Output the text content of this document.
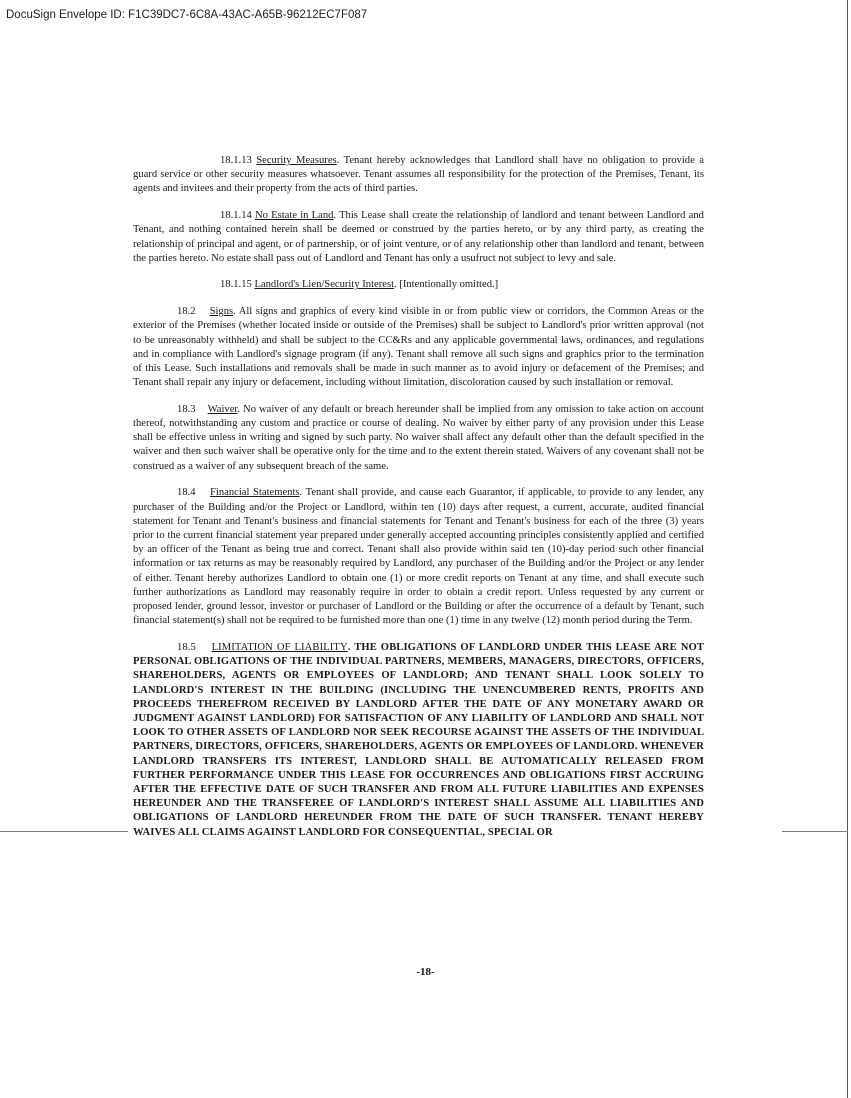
DocuSign Envelope ID: F1C39DC7-6C8A-43AC-A65B-96212EC7F087

18.1.13 Security Measures. Tenant hereby acknowledges that Landlord shall have no obligation to provide a guard service or other security measures whatsoever. Tenant assumes all responsibility for the protection of the Premises, Tenant, its agents and invitees and their property from the acts of third parties.

18.1.14 No Estate in Land. This Lease shall create the relationship of landlord and tenant between Landlord and Tenant, and nothing contained herein shall be deemed or construed by the parties hereto, or by any third party, as creating the relationship of principal and agent, or of partnership, or of joint venture, or of any relationship other than landlord and tenant, between the parties hereto. No estate shall pass out of Landlord and Tenant has only a usufruct not subject to levy and sale.

18.1.15 Landlord's Lien/Security Interest. [Intentionally omitted.]

18.2 Signs. All signs and graphics of every kind visible in or from public view or corridors, the Common Areas or the exterior of the Premises (whether located inside or outside of the Premises) shall be subject to Landlord's prior written approval (not to be unreasonably withheld) and shall be subject to the CC&Rs and any applicable governmental laws, ordinances, and regulations and in compliance with Landlord's signage program (if any). Tenant shall remove all such signs and graphics prior to the termination of this Lease. Such installations and removals shall be made in such manner as to avoid injury or defacement of the Premises; and Tenant shall repair any injury or defacement, including without limitation, discoloration caused by such installation or removal.

18.3 Waiver. No waiver of any default or breach hereunder shall be implied from any omission to take action on account thereof, notwithstanding any custom and practice or course of dealing. No waiver by either party of any provision under this Lease shall be effective unless in writing and signed by such party. No waiver shall affect any default other than the default specified in the waiver and then such waiver shall be operative only for the time and to the extent therein stated. Waivers of any covenant shall not be construed as a waiver of any subsequent breach of the same.

18.4 Financial Statements. Tenant shall provide, and cause each Guarantor, if applicable, to provide to any lender, any purchaser of the Building and/or the Project or Landlord, within ten (10) days after request, a current, accurate, audited financial statement for Tenant and Tenant's business and financial statements for Tenant and Tenant's business for each of the three (3) years prior to the current financial statement year prepared under generally accepted accounting principles consistently applied and certified by an officer of the Tenant as being true and correct. Tenant shall also provide within said ten (10)-day period such other financial information or tax returns as may be reasonably required by Landlord, any purchaser of the Building and/or the Project or any lender of either. Tenant hereby authorizes Landlord to obtain one (1) or more credit reports on Tenant at any time, and shall execute such further authorizations as Landlord may reasonably require in order to obtain a credit report. Unless requested by any current or proposed lender, ground lessor, investor or purchaser of Landlord or the Building or after the occurrence of a default by Tenant, such financial statement(s) shall not be required to be furnished more than one (1) time in any twelve (12) month period during the Term.

18.5 LIMITATION OF LIABILITY. THE OBLIGATIONS OF LANDLORD UNDER THIS LEASE ARE NOT PERSONAL OBLIGATIONS OF THE INDIVIDUAL PARTNERS, MEMBERS, MANAGERS, DIRECTORS, OFFICERS, SHAREHOLDERS, AGENTS OR EMPLOYEES OF LANDLORD; AND TENANT SHALL LOOK SOLELY TO LANDLORD'S INTEREST IN THE BUILDING (INCLUDING THE UNENCUMBERED RENTS, PROFITS AND PROCEEDS THEREFROM RECEIVED BY LANDLORD AFTER THE DATE OF ANY MONETARY AWARD OR JUDGMENT AGAINST LANDLORD) FOR SATISFACTION OF ANY LIABILITY OF LANDLORD AND SHALL NOT LOOK TO OTHER ASSETS OF LANDLORD NOR SEEK RECOURSE AGAINST THE ASSETS OF THE INDIVIDUAL PARTNERS, DIRECTORS, OFFICERS, SHAREHOLDERS, AGENTS OR EMPLOYEES OF LANDLORD. WHENEVER LANDLORD TRANSFERS ITS INTEREST, LANDLORD SHALL BE AUTOMATICALLY RELEASED FROM FURTHER PERFORMANCE UNDER THIS LEASE FOR OCCURRENCES AND OBLIGATIONS FIRST ACCRUING AFTER THE EFFECTIVE DATE OF SUCH TRANSFER AND FROM ALL FUTURE LIABILITIES AND EXPENSES HEREUNDER AND THE TRANSFEREE OF LANDLORD'S INTEREST SHALL ASSUME ALL LIABILITIES AND OBLIGATIONS OF LANDLORD HEREUNDER FROM THE DATE OF SUCH TRANSFER. TENANT HEREBY WAIVES ALL CLAIMS AGAINST LANDLORD FOR CONSEQUENTIAL, SPECIAL OR

-18-
